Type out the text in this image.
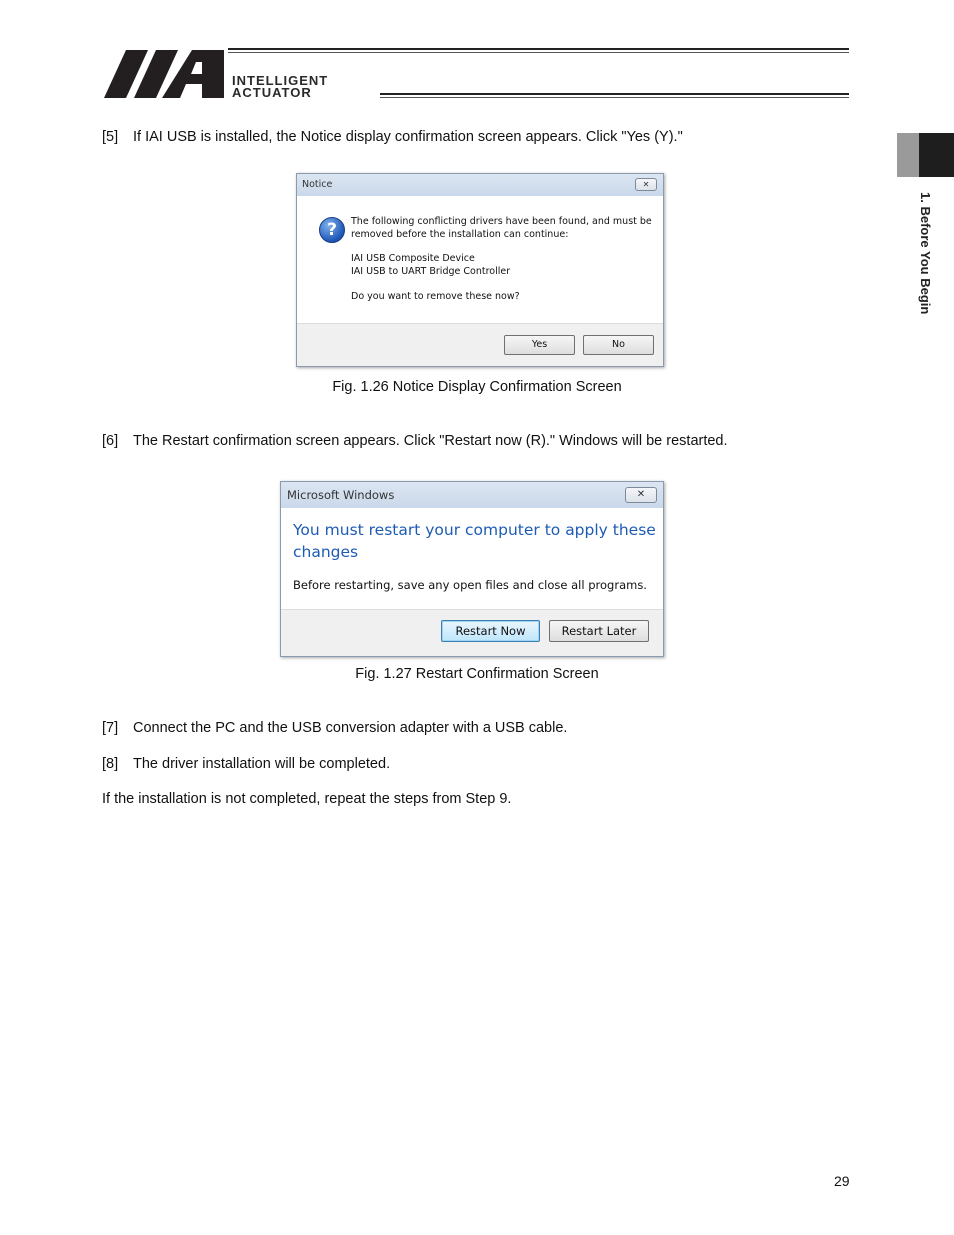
INTELLIGENT
ACTUATOR
1. Before You Begin
[5] If IAI USB is installed, the Notice display confirmation screen appears. Click "Yes (Y)."
Notice	✕
?	The following conflicting drivers have been found, and must be
removed before the installation can continue:
IAI USB Composite Device
IAI USB to UART Bridge Controller
Do you want to remove these now?
Yes	No
Fig. 1.26 Notice Display Confirmation Screen
[6] The Restart confirmation screen appears. Click "Restart now (R)." Windows will be restarted.
Microsoft Windows	✕
You must restart your computer to apply these
changes
Before restarting, save any open files and close all programs.
Restart Now	Restart Later
Fig. 1.27 Restart Confirmation Screen
[7] Connect the PC and the USB conversion adapter with a USB cable.
[8] The driver installation will be completed.
If the installation is not completed, repeat the steps from Step 9.
29
